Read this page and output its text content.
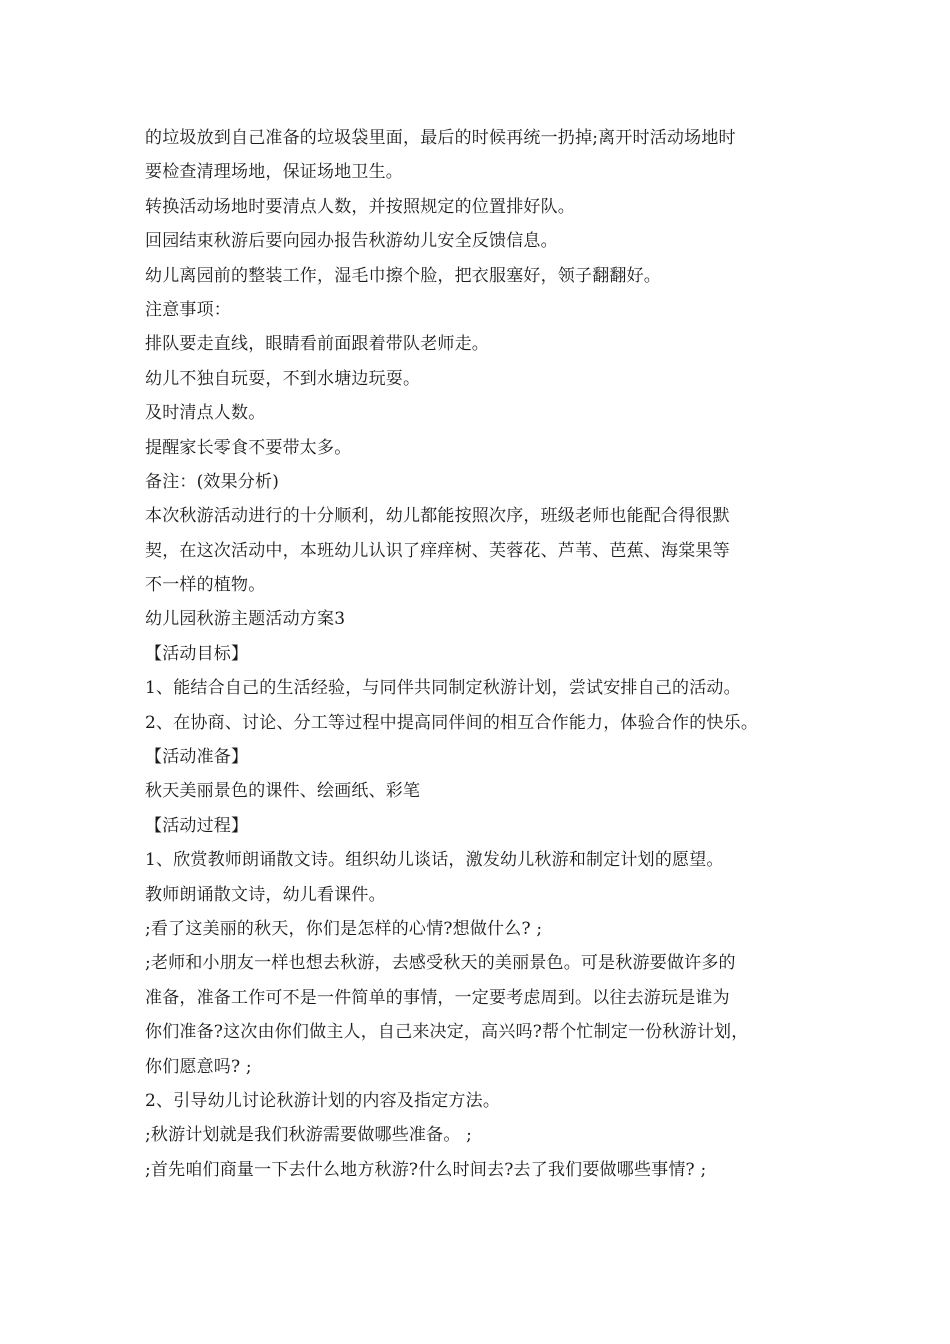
的垃圾放到自己准备的垃圾袋里面，最后的时候再统一扔掉;离开时活动场地时
要检查清理场地，保证场地卫生。
转换活动场地时要清点人数，并按照规定的位置排好队。
回园结束秋游后要向园办报告秋游幼儿安全反馈信息。
幼儿离园前的整装工作，湿毛巾擦个脸，把衣服塞好，领子翻翻好。
注意事项：
排队要走直线，眼睛看前面跟着带队老师走。
幼儿不独自玩耍，不到水塘边玩耍。
及时清点人数。
提醒家长零食不要带太多。
备注：(效果分析)
本次秋游活动进行的十分顺利，幼儿都能按照次序，班级老师也能配合得很默
契，在这次活动中，本班幼儿认识了痒痒树、芙蓉花、芦苇、芭蕉、海棠果等
不一样的植物。
幼儿园秋游主题活动方案3
【活动目标】
1、能结合自己的生活经验，与同伴共同制定秋游计划，尝试安排自己的活动。
2、在协商、讨论、分工等过程中提高同伴间的相互合作能力，体验合作的快乐。
【活动准备】
秋天美丽景色的课件、绘画纸、彩笔
【活动过程】
1、欣赏教师朗诵散文诗。组织幼儿谈话，激发幼儿秋游和制定计划的愿望。
教师朗诵散文诗，幼儿看课件。
;看了这美丽的秋天，你们是怎样的心情?想做什么? ;
;老师和小朋友一样也想去秋游，去感受秋天的美丽景色。可是秋游要做许多的
准备，准备工作可不是一件简单的事情，一定要考虑周到。以往去游玩是谁为
你们准备?这次由你们做主人，自己来决定，高兴吗?帮个忙制定一份秋游计划，
你们愿意吗? ;
2、引导幼儿讨论秋游计划的内容及指定方法。
;秋游计划就是我们秋游需要做哪些准备。 ;
;首先咱们商量一下去什么地方秋游?什么时间去?去了我们要做哪些事情? ;
